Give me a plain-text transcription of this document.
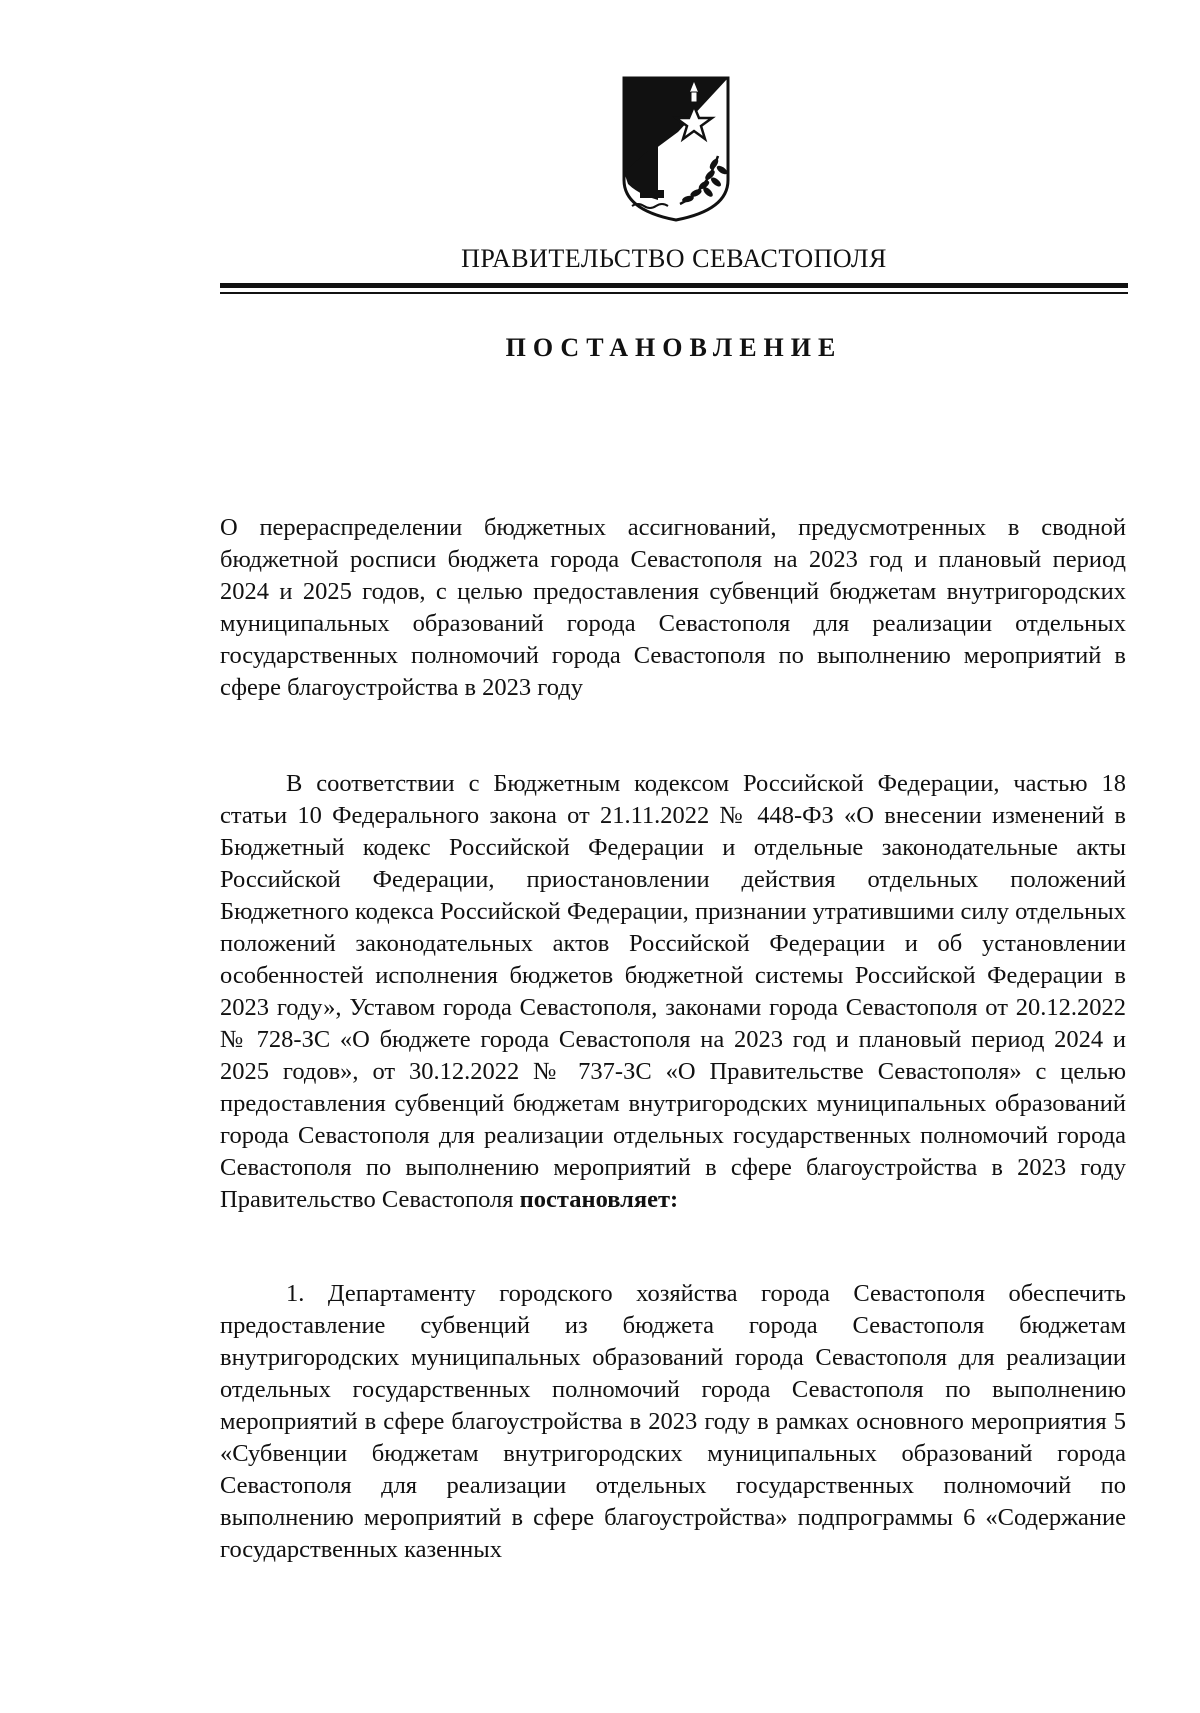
ПРАВИТЕЛЬСТВО СЕВАСТОПОЛЯ
ПОСТАНОВЛЕНИЕ

О перераспределении бюджетных ассигнований, предусмотренных в сводной бюджетной росписи бюджета города Севастополя на 2023 год и плановый период 2024 и 2025 годов, с целью предоставления субвенций бюджетам внутригородских муниципальных образований города Севастополя для реализации отдельных государственных полномочий города Севастополя по выполнению мероприятий в сфере благоустройства в 2023 году

В соответствии с Бюджетным кодексом Российской Федерации, частью 18 статьи 10 Федерального закона от 21.11.2022 № 448-ФЗ «О внесении изменений в Бюджетный кодекс Российской Федерации и отдельные законодательные акты Российской Федерации, приостановлении действия отдельных положений Бюджетного кодекса Российской Федерации, признании утратившими силу отдельных положений законодательных актов Российской Федерации и об установлении особенностей исполнения бюджетов бюджетной системы Российской Федерации в 2023 году», Уставом города Севастополя, законами города Севастополя от 20.12.2022 № 728-ЗС «О бюджете города Севастополя на 2023 год и плановый период 2024 и 2025 годов», от 30.12.2022 № 737-ЗС «О Правительстве Севастополя» с целью предоставления субвенций бюджетам внутригородских муниципальных образований города Севастополя для реализации отдельных государственных полномочий города Севастополя по выполнению мероприятий в сфере благоустройства в 2023 году Правительство Севастополя постановляет:

1. Департаменту городского хозяйства города Севастополя обеспечить предоставление субвенций из бюджета города Севастополя бюджетам внутригородских муниципальных образований города Севастополя для реализации отдельных государственных полномочий города Севастополя по выполнению мероприятий в сфере благоустройства в 2023 году в рамках основного мероприятия 5 «Субвенции бюджетам внутригородских муниципальных образований города Севастополя для реализации отдельных государственных полномочий по выполнению мероприятий в сфере благоустройства» подпрограммы 6 «Содержание государственных казенных
